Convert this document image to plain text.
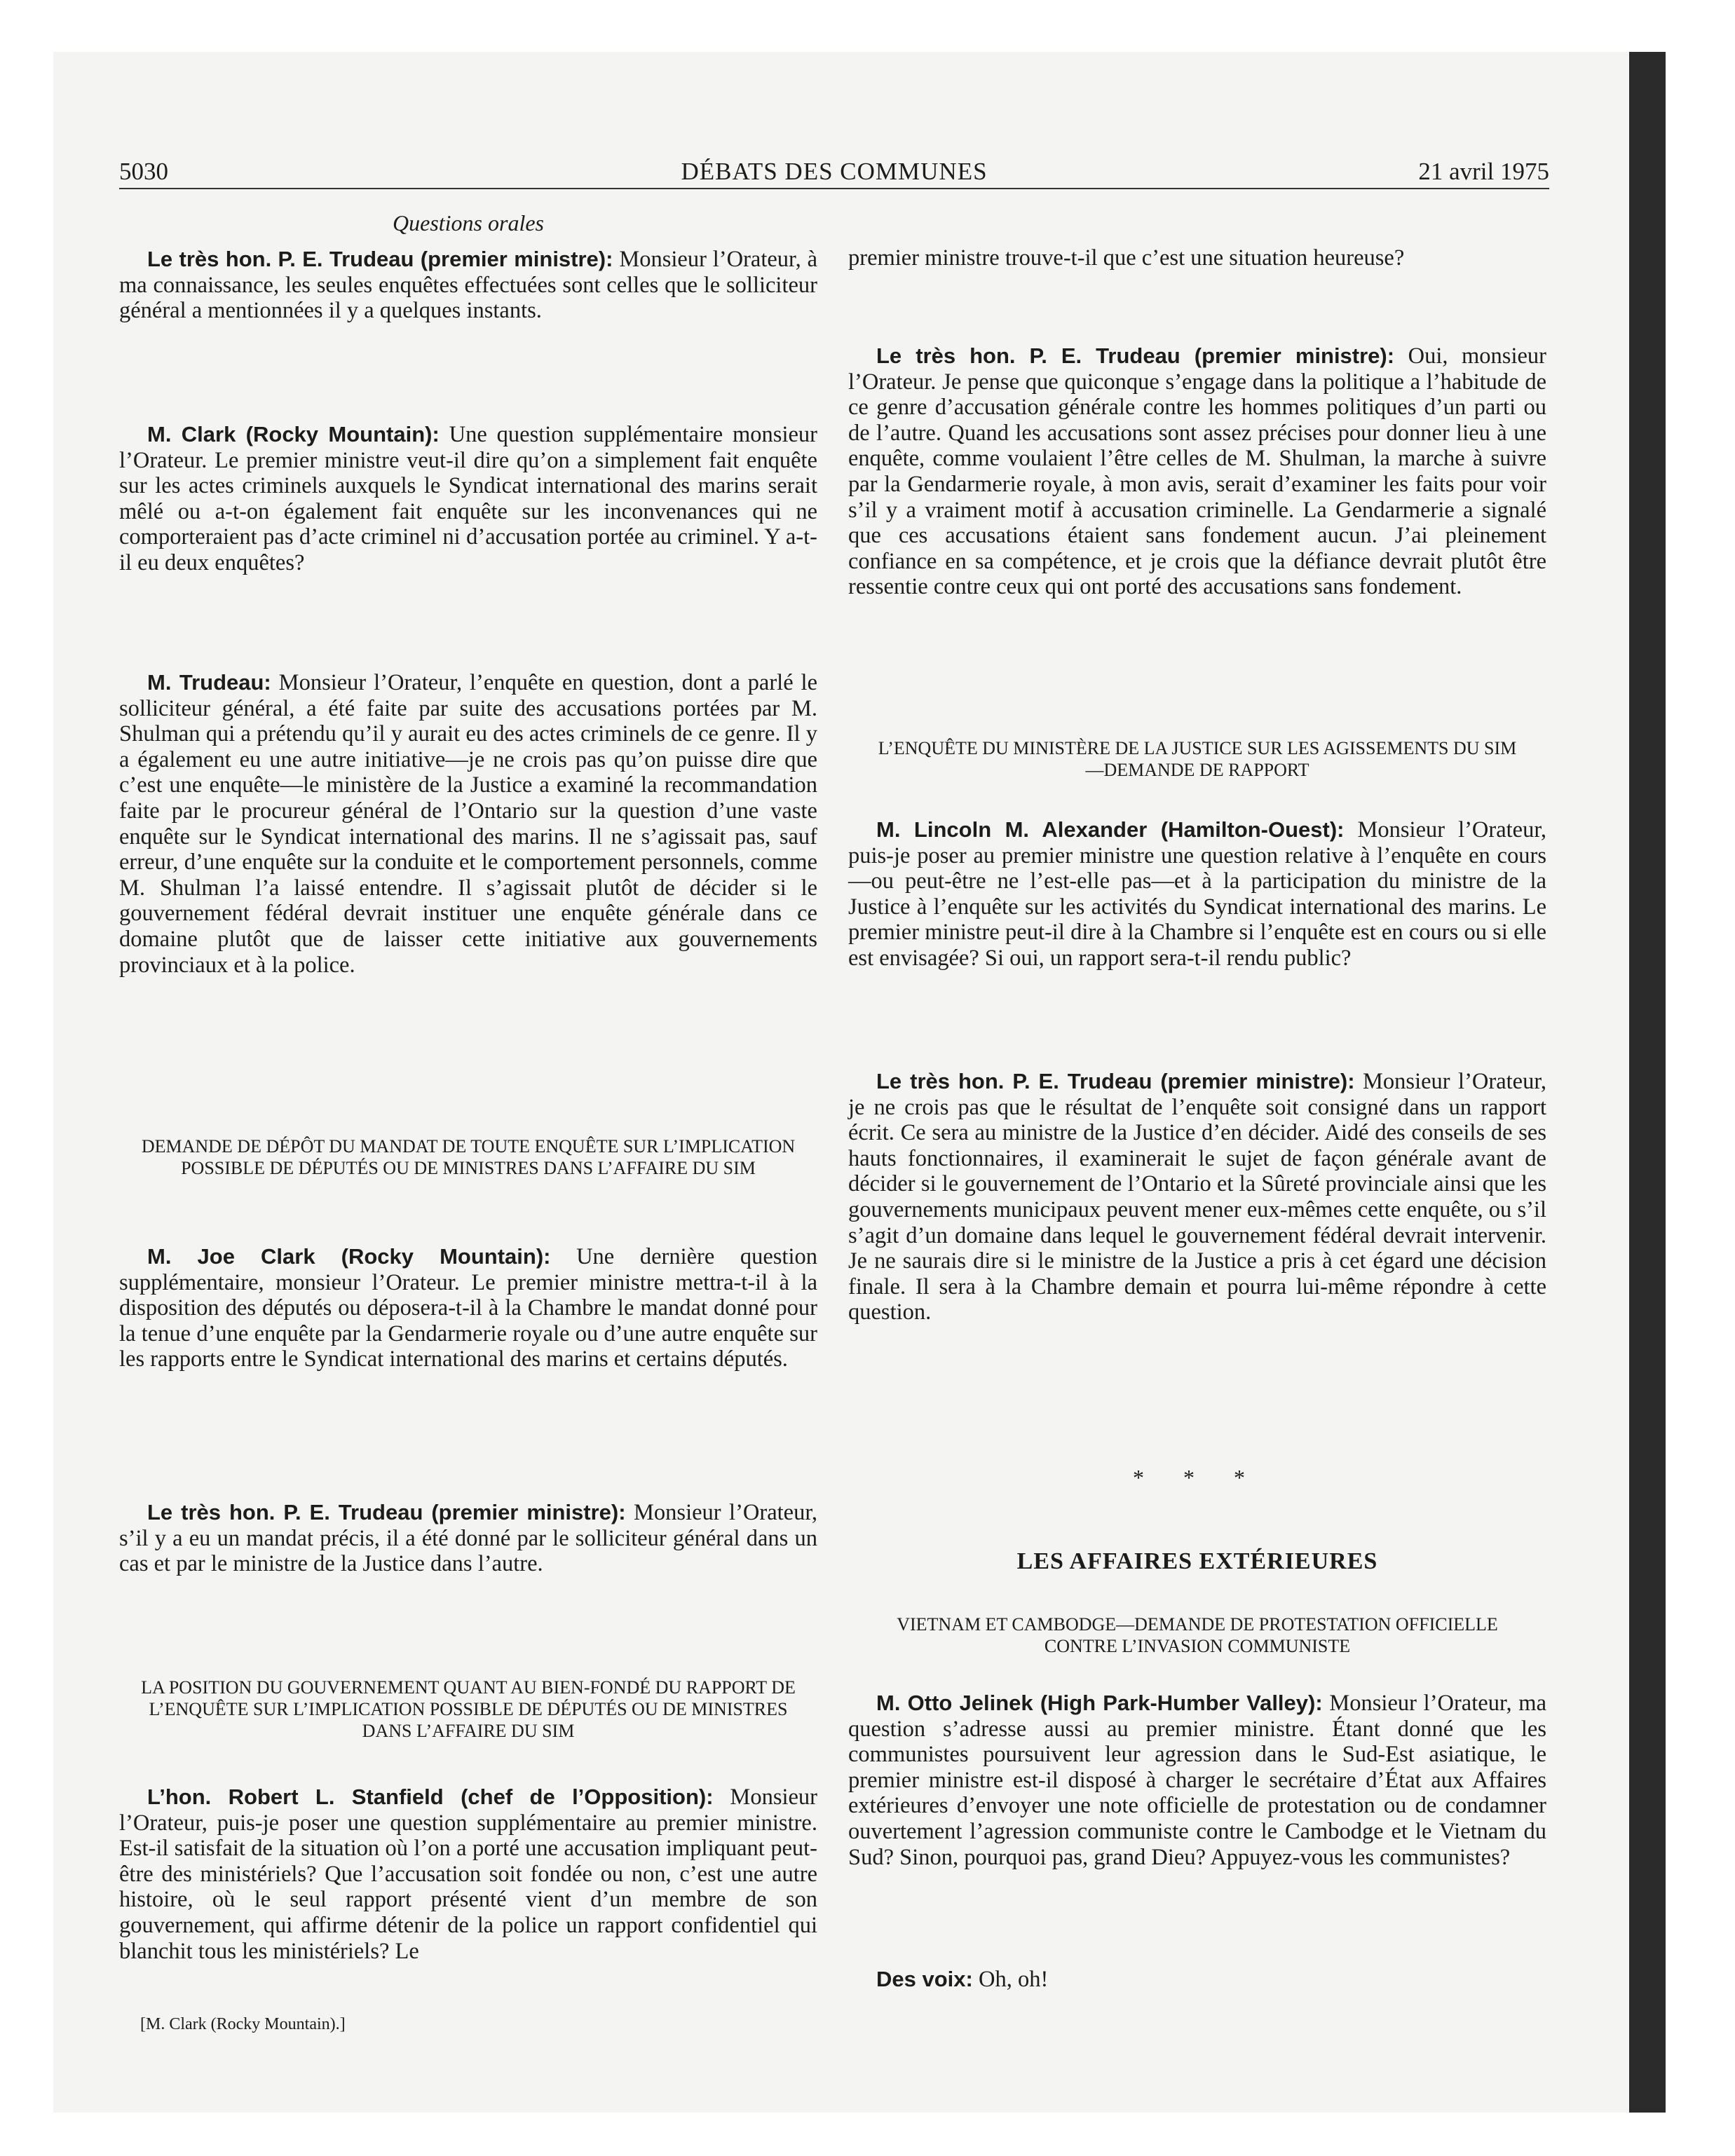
5030	DÉBATS DES COMMUNES	21 avril 1975
Questions orales

Le très hon. P. E. Trudeau (premier ministre): Monsieur l’Orateur, à ma connaissance, les seules enquêtes effectuées sont celles que le solliciteur général a mentionnées il y a quelques instants.

M. Clark (Rocky Mountain): Une question supplémentaire monsieur l’Orateur. Le premier ministre veut-il dire qu’on a simplement fait enquête sur les actes criminels auxquels le Syndicat international des marins serait mêlé ou a-t-on également fait enquête sur les inconvenances qui ne comporteraient pas d’acte criminel ni d’accusation portée au criminel. Y a-t-il eu deux enquêtes?

M. Trudeau: Monsieur l’Orateur, l’enquête en question, dont a parlé le solliciteur général, a été faite par suite des accusations portées par M. Shulman qui a prétendu qu’il y aurait eu des actes criminels de ce genre. Il y a également eu une autre initiative—je ne crois pas qu’on puisse dire que c’est une enquête—le ministère de la Justice a examiné la recommandation faite par le procureur général de l’Ontario sur la question d’une vaste enquête sur le Syndicat international des marins. Il ne s’agissait pas, sauf erreur, d’une enquête sur la conduite et le comportement personnels, comme M. Shulman l’a laissé entendre. Il s’agissait plutôt de décider si le gouvernement fédéral devrait instituer une enquête générale dans ce domaine plutôt que de laisser cette initiative aux gouvernements provinciaux et à la police.

DEMANDE DE DÉPÔT DU MANDAT DE TOUTE ENQUÊTE SUR L’IMPLICATION POSSIBLE DE DÉPUTÉS OU DE MINISTRES DANS L’AFFAIRE DU SIM

M. Joe Clark (Rocky Mountain): Une dernière question supplémentaire, monsieur l’Orateur. Le premier ministre mettra-t-il à la disposition des députés ou déposera-t-il à la Chambre le mandat donné pour la tenue d’une enquête par la Gendarmerie royale ou d’une autre enquête sur les rapports entre le Syndicat international des marins et certains députés.

Le très hon. P. E. Trudeau (premier ministre): Monsieur l’Orateur, s’il y a eu un mandat précis, il a été donné par le solliciteur général dans un cas et par le ministre de la Justice dans l’autre.

LA POSITION DU GOUVERNEMENT QUANT AU BIEN-FONDÉ DU RAPPORT DE L’ENQUÊTE SUR L’IMPLICATION POSSIBLE DE DÉPUTÉS OU DE MINISTRES DANS L’AFFAIRE DU SIM

L’hon. Robert L. Stanfield (chef de l’Opposition): Monsieur l’Orateur, puis-je poser une question supplémentaire au premier ministre. Est-il satisfait de la situation où l’on a porté une accusation impliquant peut-être des ministériels? Que l’accusation soit fondée ou non, c’est une autre histoire, où le seul rapport présenté vient d’un membre de son gouvernement, qui affirme détenir de la police un rapport confidentiel qui blanchit tous les ministériels? Le

[M. Clark (Rocky Mountain).]

premier ministre trouve-t-il que c’est une situation heureuse?

Le très hon. P. E. Trudeau (premier ministre): Oui, monsieur l’Orateur. Je pense que quiconque s’engage dans la politique a l’habitude de ce genre d’accusation générale contre les hommes politiques d’un parti ou de l’autre. Quand les accusations sont assez précises pour donner lieu à une enquête, comme voulaient l’être celles de M. Shulman, la marche à suivre par la Gendarmerie royale, à mon avis, serait d’examiner les faits pour voir s’il y a vraiment motif à accusation criminelle. La Gendarmerie a signalé que ces accusations étaient sans fondement aucun. J’ai pleinement confiance en sa compétence, et je crois que la défiance devrait plutôt être ressentie contre ceux qui ont porté des accusations sans fondement.

L’ENQUÊTE DU MINISTÈRE DE LA JUSTICE SUR LES AGISSEMENTS DU SIM—DEMANDE DE RAPPORT

M. Lincoln M. Alexander (Hamilton-Ouest): Monsieur l’Orateur, puis-je poser au premier ministre une question relative à l’enquête en cours—ou peut-être ne l’est-elle pas—et à la participation du ministre de la Justice à l’enquête sur les activités du Syndicat international des marins. Le premier ministre peut-il dire à la Chambre si l’enquête est en cours ou si elle est envisagée? Si oui, un rapport sera-t-il rendu public?

Le très hon. P. E. Trudeau (premier ministre): Monsieur l’Orateur, je ne crois pas que le résultat de l’enquête soit consigné dans un rapport écrit. Ce sera au ministre de la Justice d’en décider. Aidé des conseils de ses hauts fonctionnaires, il examinerait le sujet de façon générale avant de décider si le gouvernement de l’Ontario et la Sûreté provinciale ainsi que les gouvernements municipaux peuvent mener eux-mêmes cette enquête, ou s’il s’agit d’un domaine dans lequel le gouvernement fédéral devrait intervenir. Je ne saurais dire si le ministre de la Justice a pris à cet égard une décision finale. Il sera à la Chambre demain et pourra lui-même répondre à cette question.

* * *
LES AFFAIRES EXTÉRIEURES

VIETNAM ET CAMBODGE—DEMANDE DE PROTESTATION OFFICIELLE CONTRE L’INVASION COMMUNISTE

M. Otto Jelinek (High Park-Humber Valley): Monsieur l’Orateur, ma question s’adresse aussi au premier ministre. Étant donné que les communistes poursuivent leur agression dans le Sud-Est asiatique, le premier ministre est-il disposé à charger le secrétaire d’État aux Affaires extérieures d’envoyer une note officielle de protestation ou de condamner ouvertement l’agression communiste contre le Cambodge et le Vietnam du Sud? Sinon, pourquoi pas, grand Dieu? Appuyez-vous les communistes?

Des voix: Oh, oh!
